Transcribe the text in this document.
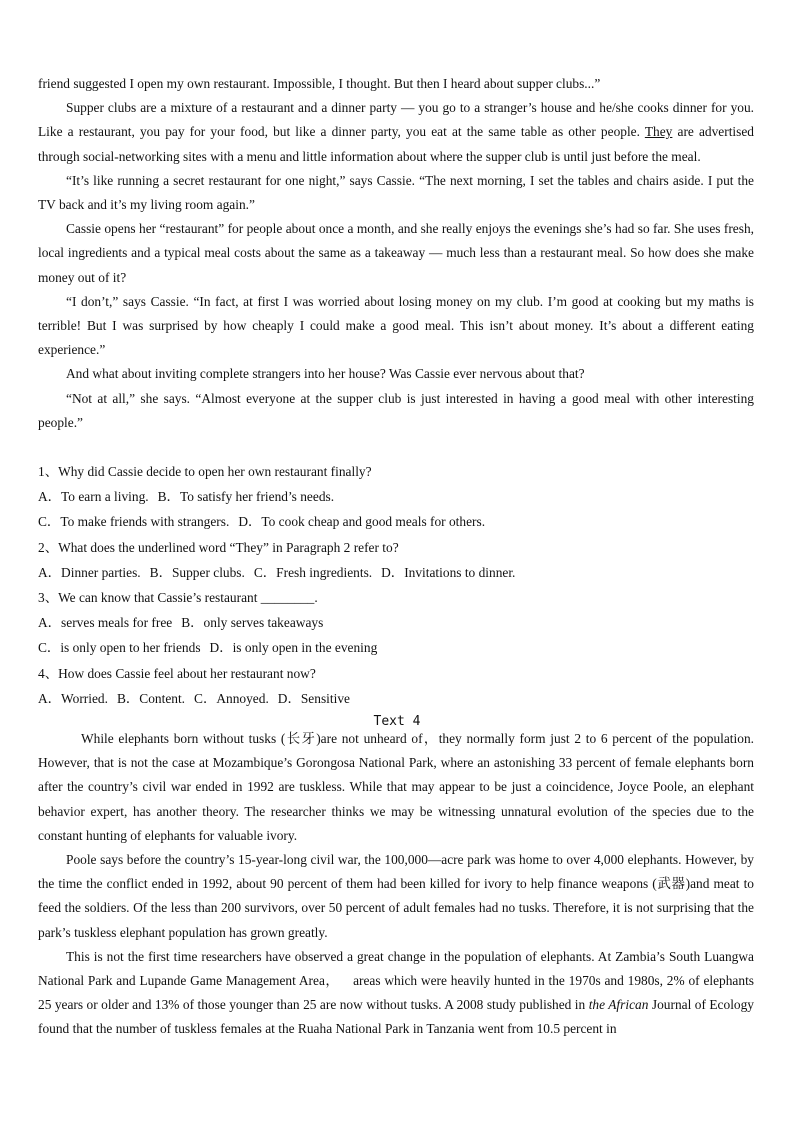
friend suggested I open my own restaurant. Impossible, I thought. But then I heard about supper clubs...”
Supper clubs are a mixture of a restaurant and a dinner party — you go to a stranger’s house and he/she cooks dinner for you. Like a restaurant, you pay for your food, but like a dinner party, you eat at the same table as other people. They are advertised through social-networking sites with a menu and little information about where the supper club is until just before the meal.
“It’s like running a secret restaurant for one night,” says Cassie. “The next morning, I set the tables and chairs aside. I put the TV back and it’s my living room again.”
Cassie opens her “restaurant” for people about once a month, and she really enjoys the evenings she’s had so far. She uses fresh, local ingredients and a typical meal costs about the same as a takeaway — much less than a restaurant meal. So how does she make money out of it?
“I don’t,” says Cassie. “In fact, at first I was worried about losing money on my club. I’m good at cooking but my maths is terrible! But I was surprised by how cheaply I could make a good meal. This isn’t about money. It’s about a different eating experience.”
And what about inviting complete strangers into her house? Was Cassie ever nervous about that?
“Not at all,” she says. “Almost everyone at the supper club is just interested in having a good meal with other interesting people.”
1、Why did Cassie decide to open her own restaurant finally?
A．To earn a living. B．To satisfy her friend’s needs.
C．To make friends with strangers. D．To cook cheap and good meals for others.
2、What does the underlined word “They” in Paragraph 2 refer to?
A．Dinner parties. B．Supper clubs. C．Fresh ingredients. D．Invitations to dinner.
3、We can know that Cassie’s restaurant ________.
A．serves meals for free B．only serves takeaways
C．is only open to her friends D．is only open in the evening
4、How does Cassie feel about her restaurant now?
A．Worried. B．Content. C．Annoyed. D．Sensitive
Text 4
While elephants born without tusks (长牙)are not unheard of，they normally form just 2 to 6 percent of the population. However, that is not the case at Mozambique’s Gorongosa National Park, where an astonishing 33 percent of female elephants born after the country’s civil war ended in 1992 are tuskless. While that may appear to be just a coincidence, Joyce Poole, an elephant behavior expert, has another theory. The researcher thinks we may be witnessing unnatural evolution of the species due to the constant hunting of elephants for valuable ivory.
Poole says before the country’s 15-year-long civil war, the 100,000—acre park was home to over 4,000 elephants. However, by the time the conflict ended in 1992, about 90 percent of them had been killed for ivory to help finance weapons (武器)and meat to feed the soldiers. Of the less than 200 survivors, over 50 percent of adult females had no tusks. Therefore, it is not surprising that the park’s tuskless elephant population has grown greatly.
This is not the first time researchers have observed a great change in the population of elephants. At Zambia’s South Luangwa National Park and Lupande Game Management Area， areas which were heavily hunted in the 1970s and 1980s, 2% of elephants 25 years or older and 13% of those younger than 25 are now without tusks. A 2008 study published in the African Journal of Ecology found that the number of tuskless females at the Ruaha National Park in Tanzania went from 10.5 percent in
